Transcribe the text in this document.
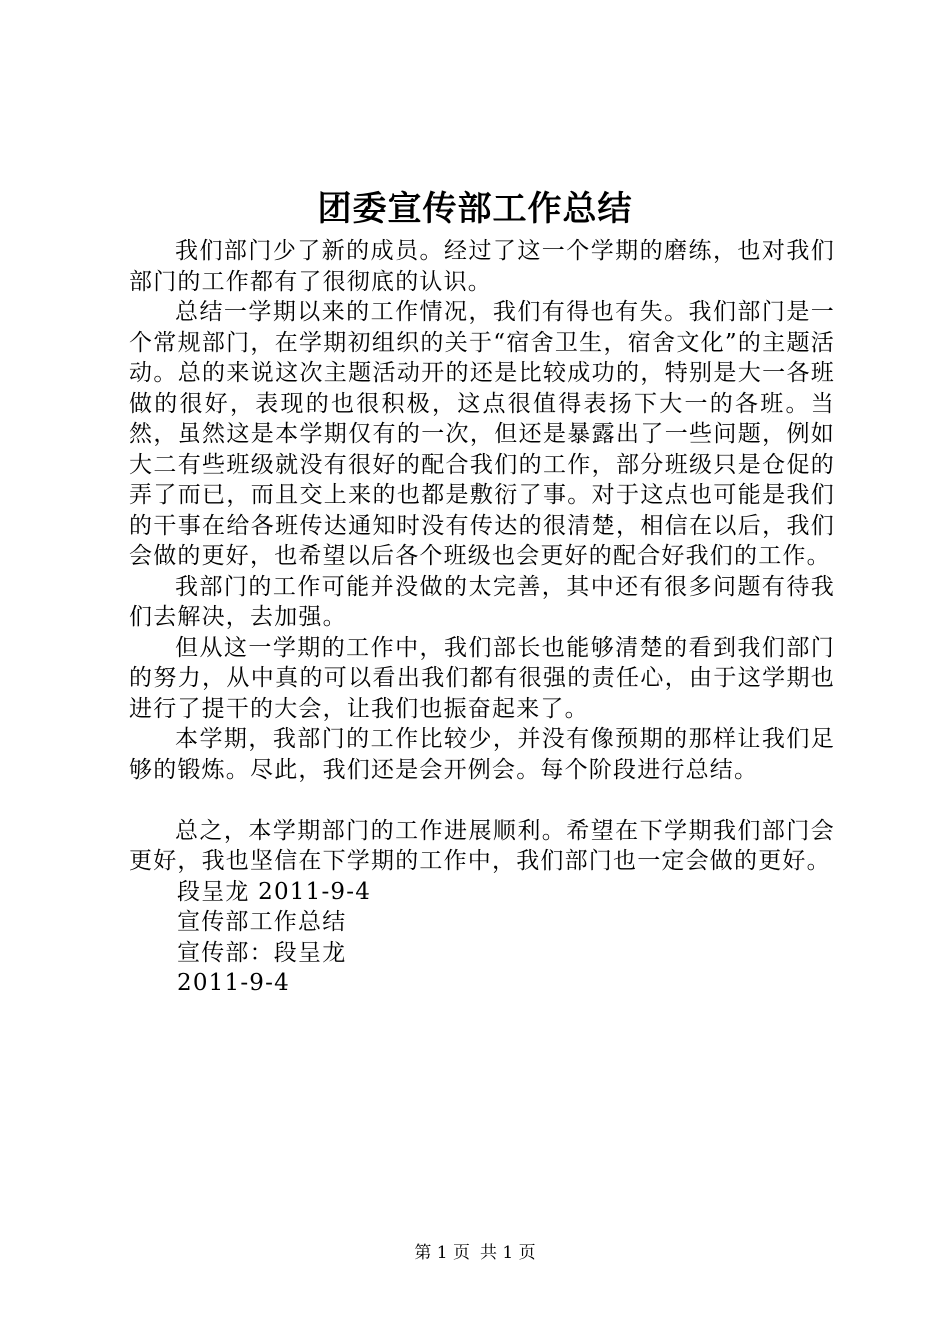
团委宣传部工作总结

我们部门少了新的成员。经过了这一个学期的磨练，也对我们部门的工作都有了很彻底的认识。

总结一学期以来的工作情况，我们有得也有失。我们部门是一个常规部门，在学期初组织的关于“宿舍卫生，宿舍文化”的主题活动。总的来说这次主题活动开的还是比较成功的，特别是大一各班做的很好，表现的也很积极，这点很值得表扬下大一的各班。当然，虽然这是本学期仅有的一次，但还是暴露出了一些问题，例如大二有些班级就没有很好的配合我们的工作，部分班级只是仓促的弄了而已，而且交上来的也都是敷衍了事。对于这点也可能是我们的干事在给各班传达通知时没有传达的很清楚，相信在以后，我们会做的更好，也希望以后各个班级也会更好的配合好我们的工作。

我部门的工作可能并没做的太完善，其中还有很多问题有待我们去解决，去加强。

但从这一学期的工作中，我们部长也能够清楚的看到我们部门的努力，从中真的可以看出我们都有很强的责任心，由于这学期也进行了提干的大会，让我们也振奋起来了。

本学期，我部门的工作比较少，并没有像预期的那样让我们足够的锻炼。尽此，我们还是会开例会。每个阶段进行总结。

总之，本学期部门的工作进展顺利。希望在下学期我们部门会更好，我也坚信在下学期的工作中，我们部门也一定会做的更好。

段呈龙 2011-9-4

宣传部工作总结

宣传部：段呈龙

2011-9-4

第 1 页 共 1 页
